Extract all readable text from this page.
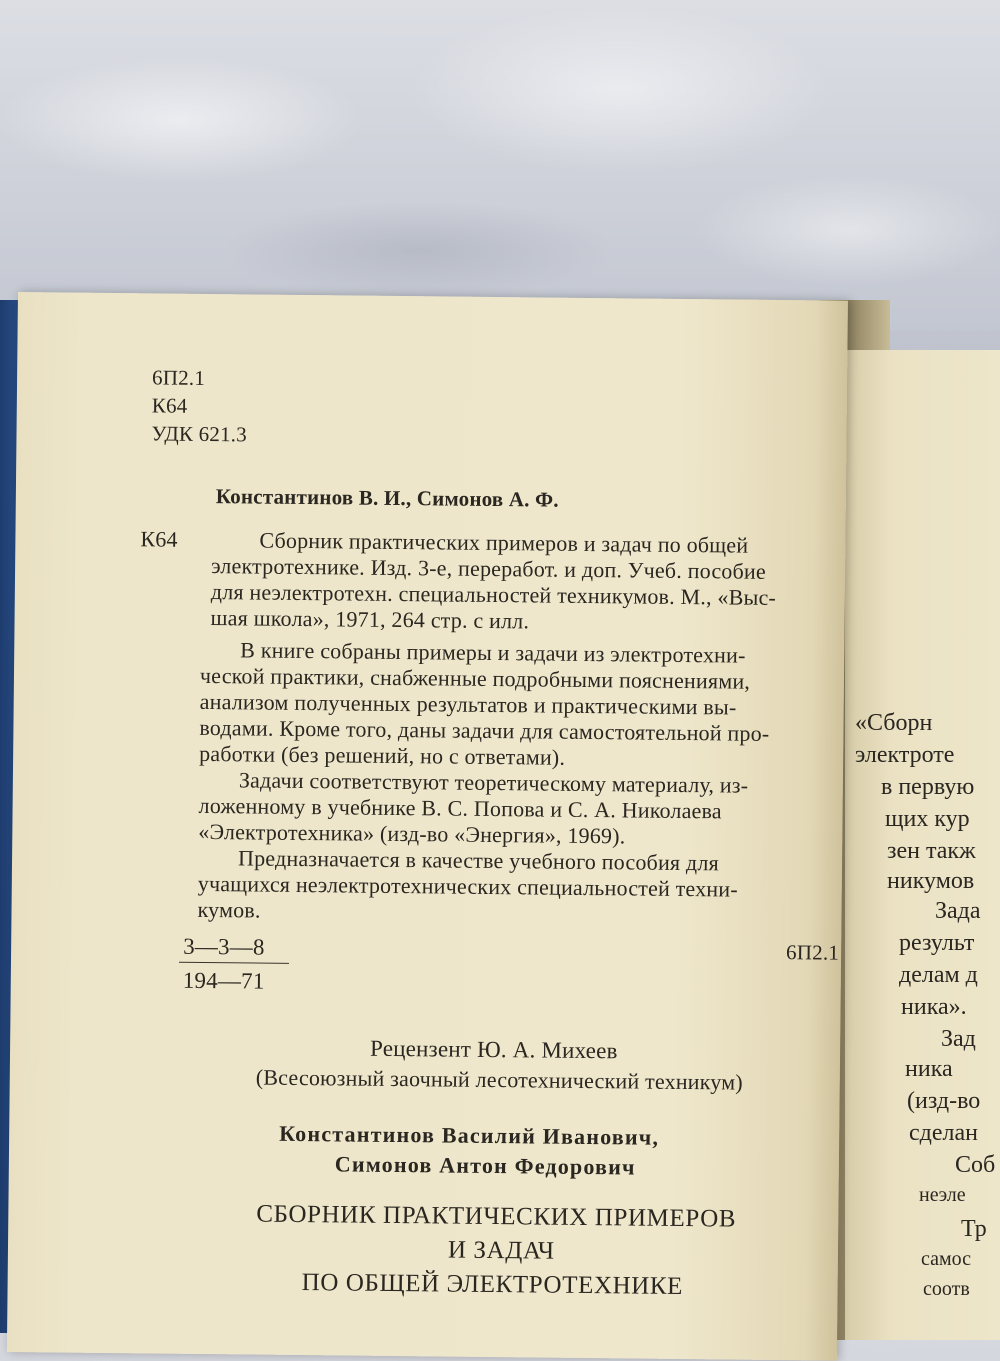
«Сборн
электроте
в первую
щих кур
зен такж
никумов
Зада
результ
делам д
ника».
Зад
ника
(изд-во
сделан
Соб
неэле
Тр
самос
соотв
6П2.1
К64
УДК 621.3
Константинов В. И., Симонов А. Ф.
К64	Сборник практических примеров и задач по общей
электротехнике. Изд. 3-е, переработ. и доп. Учеб. пособие
для неэлектротехн. специальностей техникумов. М., «Выс-
шая школа», 1971, 264 стр. с илл.
В книге собраны примеры и задачи из электротехни-
ческой практики, снабженные подробными пояснениями,
анализом полученных результатов и практическими вы-
водами. Кроме того, даны задачи для самостоятельной про-
работки (без решений, но с ответами).
Задачи соответствуют теоретическому материалу, из-
ложенному в учебнике В. С. Попова и С. А. Николаева
«Электротехника» (изд-во «Энергия», 1969).
Предназначается в качестве учебного пособия для
учащихся неэлектротехнических специальностей техни-
кумов.
3—3—8
194—71
6П2.1
Рецензент Ю. А. Михеев
(Всесоюзный заочный лесотехнический техникум)
Константинов Василий Иванович,
Симонов Антон Федорович
СБОРНИК ПРАКТИЧЕСКИХ ПРИМЕРОВ
И ЗАДАЧ
ПО ОБЩЕЙ ЭЛЕКТРОТЕХНИКЕ
